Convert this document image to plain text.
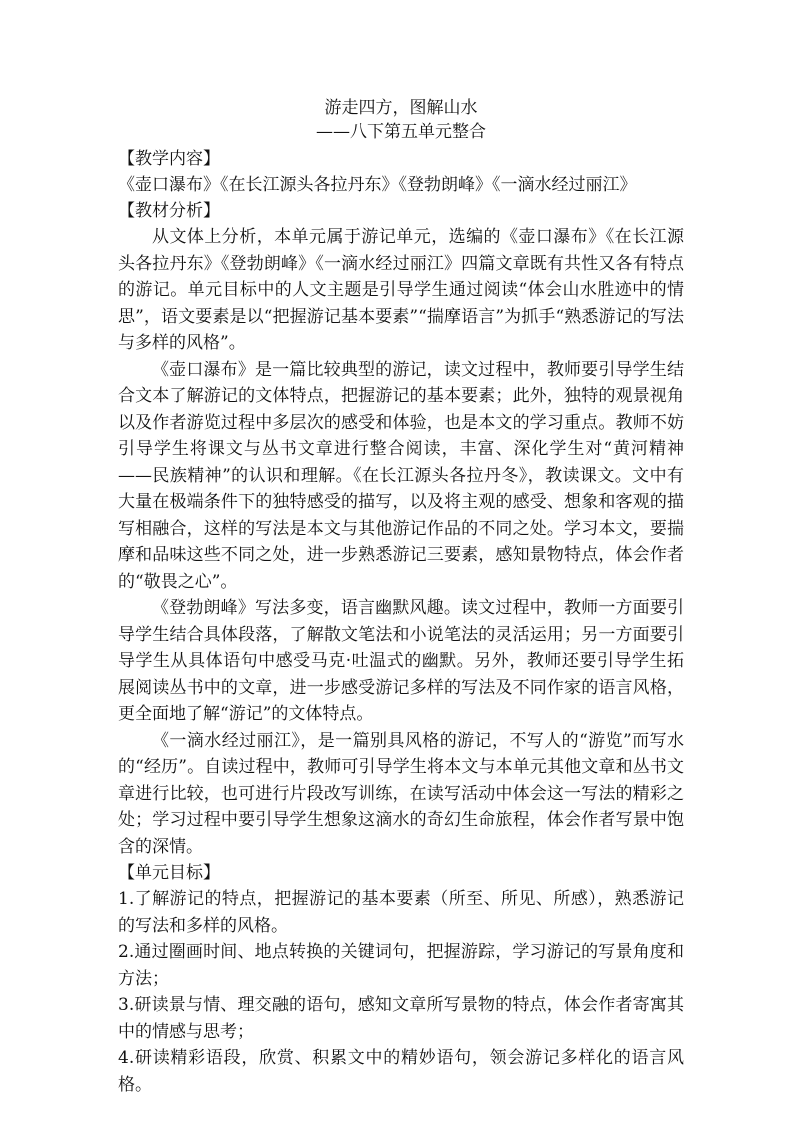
游走四方，图解山水

——八下第五单元整合

【教学内容】

《壶口瀑布》《在长江源头各拉丹东》《登勃朗峰》《一滴水经过丽江》

【教材分析】

从文体上分析，本单元属于游记单元，选编的《壶口瀑布》《在长江源头各拉丹东》《登勃朗峰》《一滴水经过丽江》四篇文章既有共性又各有特点的游记。单元目标中的人文主题是引导学生通过阅读“体会山水胜迹中的情思”，语文要素是以“把握游记基本要素”“揣摩语言”为抓手“熟悉游记的写法与多样的风格”。

《壶口瀑布》是一篇比较典型的游记，读文过程中，教师要引导学生结合文本了解游记的文体特点，把握游记的基本要素；此外，独特的观景视角以及作者游览过程中多层次的感受和体验，也是本文的学习重点。教师不妨引导学生将课文与丛书文章进行整合阅读，丰富、深化学生对“黄河精神——民族精神”的认识和理解。《在长江源头各拉丹冬》，教读课文。文中有大量在极端条件下的独特感受的描写，以及将主观的感受、想象和客观的描写相融合，这样的写法是本文与其他游记作品的不同之处。学习本文，要揣摩和品味这些不同之处，进一步熟悉游记三要素，感知景物特点，体会作者的“敬畏之心”。

《登勃朗峰》写法多变，语言幽默风趣。读文过程中，教师一方面要引导学生结合具体段落，了解散文笔法和小说笔法的灵活运用；另一方面要引导学生从具体语句中感受马克·吐温式的幽默。另外，教师还要引导学生拓展阅读丛书中的文章，进一步感受游记多样的写法及不同作家的语言风格，更全面地了解“游记”的文体特点。

《一滴水经过丽江》，是一篇别具风格的游记，不写人的“游览”而写水的“经历”。自读过程中，教师可引导学生将本文与本单元其他文章和丛书文章进行比较，也可进行片段改写训练，在读写活动中体会这一写法的精彩之处；学习过程中要引导学生想象这滴水的奇幻生命旅程，体会作者写景中饱含的深情。

【单元目标】

1.了解游记的特点，把握游记的基本要素（所至、所见、所感），熟悉游记的写法和多样的风格。

2.通过圈画时间、地点转换的关键词句，把握游踪，学习游记的写景角度和方法；

3.研读景与情、理交融的语句，感知文章所写景物的特点，体会作者寄寓其中的情感与思考；

4.研读精彩语段，欣赏、积累文中的精妙语句，领会游记多样化的语言风格。
